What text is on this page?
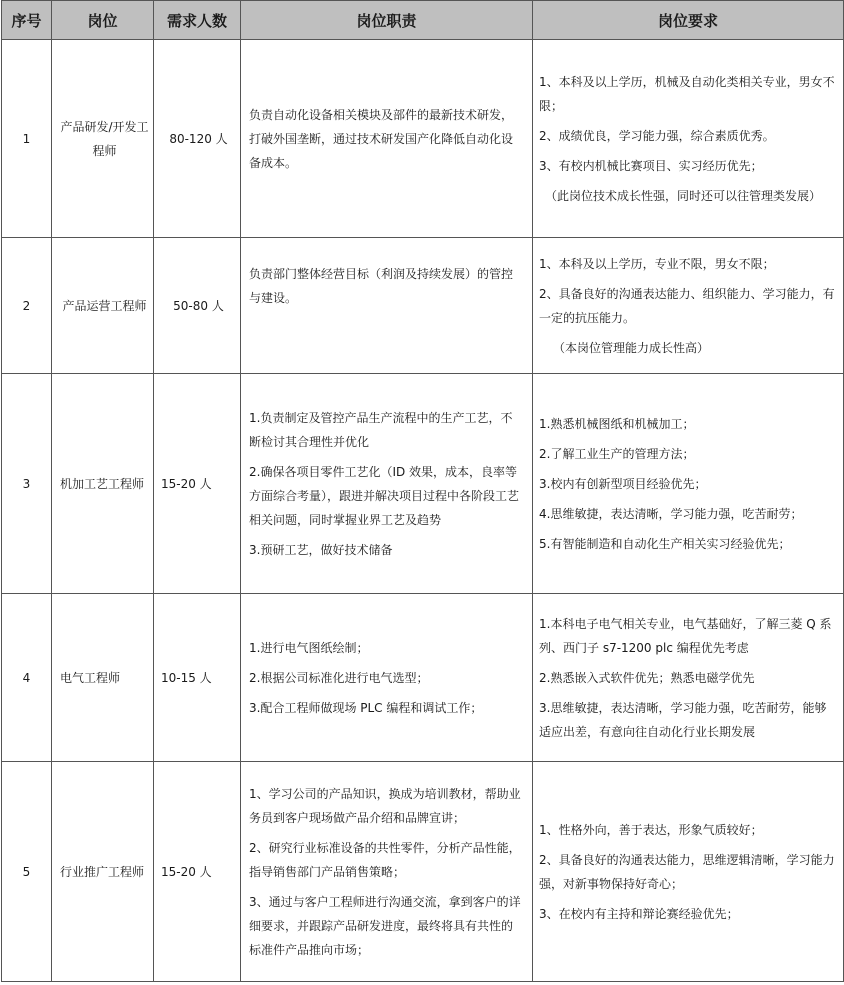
序号	岗位	需求人数	岗位职责	岗位要求
1	产品研发/开发工程师	80-120 人	负责自动化设备相关模块及部件的最新技术研发，打破外国垄断，通过技术研发国产化降低自动化设备成本。	1、本科及以上学历，机械及自动化类相关专业，男女不限；
2、成绩优良，学习能力强，综合素质优秀。
3、有校内机械比赛项目、实习经历优先；
（此岗位技术成长性强，同时还可以往管理类发展）

2	产品运营工程师	50-80 人	负责部门整体经营目标（利润及持续发展）的管控与建设。	1、本科及以上学历，专业不限，男女不限；
2、具备良好的沟通表达能力、组织能力、学习能力，有一定的抗压能力。
（本岗位管理能力成长性高）

3	机加工艺工程师	15-20 人	1.负责制定及管控产品生产流程中的生产工艺，不断检讨其合理性并优化
2.确保各项目零件工艺化（ID 效果，成本，良率等方面综合考量），跟进并解决项目过程中各阶段工艺相关问题，同时掌握业界工艺及趋势
3.预研工艺，做好技术储备	1.熟悉机械图纸和机械加工；
2.了解工业生产的管理方法；
3.校内有创新型项目经验优先；
4.思维敏捷，表达清晰，学习能力强，吃苦耐劳；
5.有智能制造和自动化生产相关实习经验优先；

4	电气工程师	10-15 人	1.进行电气图纸绘制；
2.根据公司标准化进行电气选型；
3.配合工程师做现场 PLC 编程和调试工作；	1.本科电子电气相关专业，电气基础好，了解三菱 Q 系列、西门子 s7-1200 plc 编程优先考虑
2.熟悉嵌入式软件优先；熟悉电磁学优先
3.思维敏捷，表达清晰，学习能力强，吃苦耐劳，能够适应出差，有意向往自动化行业长期发展

5	行业推广工程师	15-20 人	1、学习公司的产品知识，换成为培训教材，帮助业务员到客户现场做产品介绍和品牌宣讲；
2、研究行业标准设备的共性零件，分析产品性能，指导销售部门产品销售策略；
3、通过与客户工程师进行沟通交流，拿到客户的详细要求，并跟踪产品研发进度，最终将具有共性的标准件产品推向市场；	1、性格外向，善于表达，形象气质较好；
2、具备良好的沟通表达能力，思维逻辑清晰，学习能力强，对新事物保持好奇心；
3、在校内有主持和辩论赛经验优先；
